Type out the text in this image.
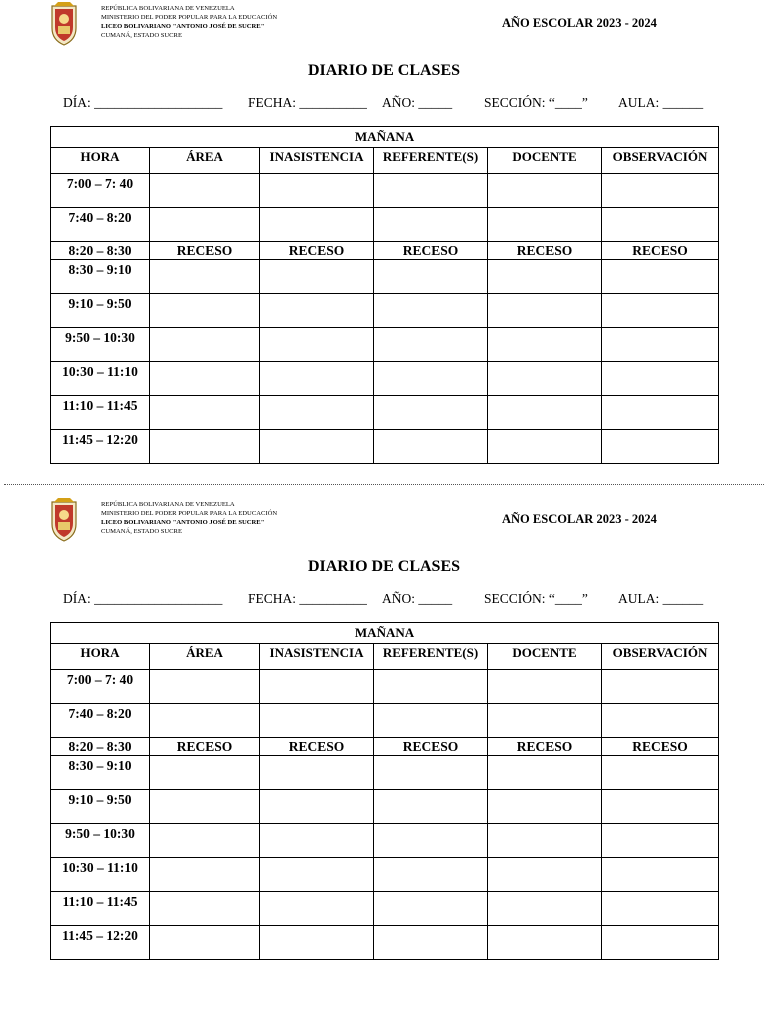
REPÚBLICA BOLIVARIANA DE VENEZUELA
MINISTERIO DEL PODER POPULAR PARA LA EDUCACIÓN
LICEO BOLIVARIANO "ANTONIO JOSÉ DE SUCRE"
CUMANÁ, ESTADO SUCRE
AÑO ESCOLAR 2023 - 2024
DIARIO DE CLASES
DÍA: ___________________ FECHA: __________ AÑO: _____ SECCIÓN: “____” AULA: ______
MAÑANA					
HORA	ÁREA	INASISTENCIA	REFERENTE(S)	DOCENTE	OBSERVACIÓN
7:00 – 7: 40					
7:40 – 8:20					
8:20 – 8:30	RECESO	RECESO	RECESO	RECESO	RECESO
8:30 – 9:10					
9:10 – 9:50					
9:50 – 10:30					
10:30 – 11:10					
11:10 – 11:45					
11:45 – 12:20					
REPÚBLICA BOLIVARIANA DE VENEZUELA
MINISTERIO DEL PODER POPULAR PARA LA EDUCACIÓN
LICEO BOLIVARIANO "ANTONIO JOSÉ DE SUCRE"
CUMANÁ, ESTADO SUCRE
AÑO ESCOLAR 2023 - 2024
DIARIO DE CLASES
DÍA: ___________________ FECHA: __________ AÑO: _____ SECCIÓN: “____” AULA: ______
MAÑANA					
HORA	ÁREA	INASISTENCIA	REFERENTE(S)	DOCENTE	OBSERVACIÓN
7:00 – 7: 40					
7:40 – 8:20					
8:20 – 8:30	RECESO	RECESO	RECESO	RECESO	RECESO
8:30 – 9:10					
9:10 – 9:50					
9:50 – 10:30					
10:30 – 11:10					
11:10 – 11:45					
11:45 – 12:20					
